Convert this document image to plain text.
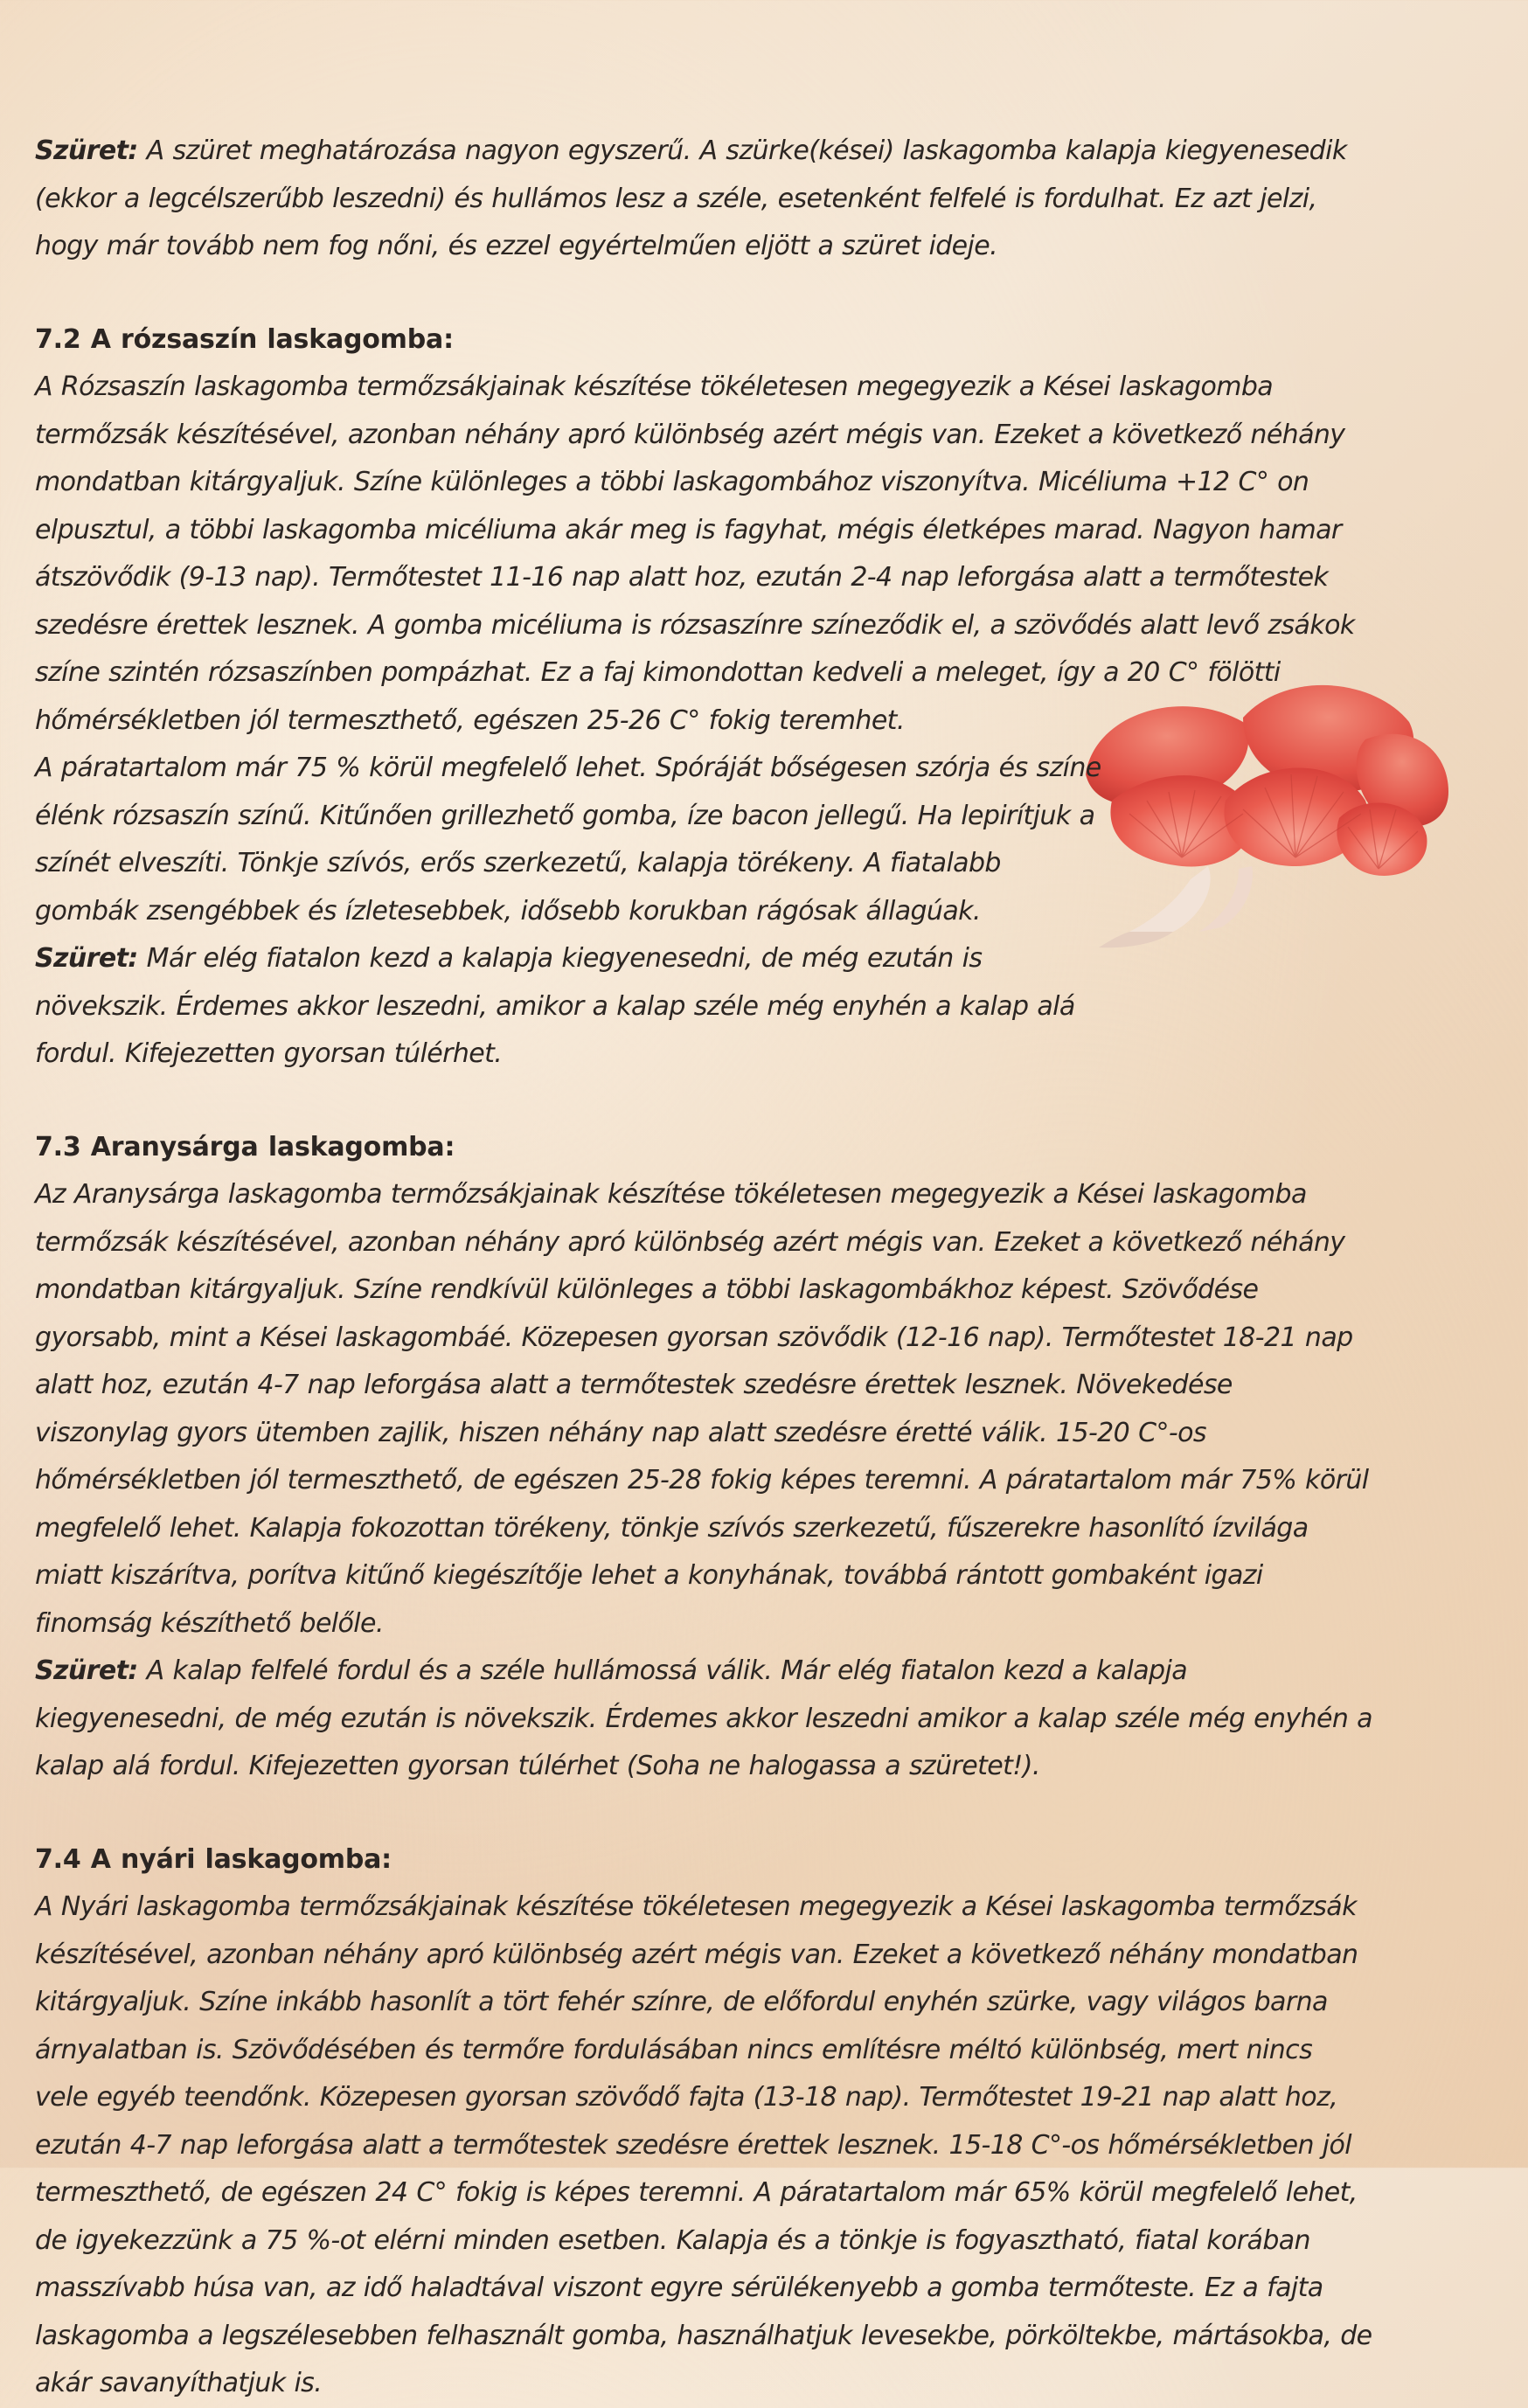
Szüret: A szüret meghatározása nagyon egyszerű. A szürke(kései) laskagomba kalapja kiegyenesedik (ekkor a legcélszerűbb leszedni) és hullámos lesz a széle, esetenként felfelé is fordulhat. Ez azt jelzi, hogy már tovább nem fog nőni, és ezzel egyértelműen eljött a szüret ideje.

7.2 A rózsaszín laskagomba:

A Rózsaszín laskagomba termőzsákjainak készítése tökéletesen megegyezik a Kései laskagomba termőzsák készítésével, azonban néhány apró különbség azért mégis van. Ezeket a következő néhány mondatban kitárgyaljuk. Színe különleges a többi laskagombához viszonyítva. Micéliuma +12 C° on elpusztul, a többi laskagomba micéliuma akár meg is fagyhat, mégis életképes marad. Nagyon hamar átszövődik (9-13 nap). Termőtestet 11-16 nap alatt hoz, ezután 2-4 nap leforgása alatt a termőtestek szedésre érettek lesznek. A gomba micéliuma is rózsaszínre színeződik el, a szövődés alatt levő zsákok színe szintén rózsaszínben pompázhat. Ez a faj kimondottan kedveli a meleget, így a 20 C° fölötti hőmérsékletben jól termeszthető, egészen 25-26 C° fokig teremhet.

A páratartalom már 75 % körül megfelelő lehet. Spóráját bőségesen szórja és színe élénk rózsaszín színű. Kitűnően grillezhető gomba, íze bacon jellegű. Ha lepirítjuk a színét elveszíti. Tönkje szívós, erős szerkezetű, kalapja törékeny. A fiatalabb gombák zsengébbek és ízletesebbek, idősebb korukban rágósak állagúak.

Szüret: Már elég fiatalon kezd a kalapja kiegyenesedni, de még ezután is növekszik. Érdemes akkor leszedni, amikor a kalap széle még enyhén a kalap alá fordul. Kifejezetten gyorsan túlérhet.

7.3 Aranysárga laskagomba:

Az Aranysárga laskagomba termőzsákjainak készítése tökéletesen megegyezik a Kései laskagomba termőzsák készítésével, azonban néhány apró különbség azért mégis van. Ezeket a következő néhány mondatban kitárgyaljuk. Színe rendkívül különleges a többi laskagombákhoz képest. Szövődése gyorsabb, mint a Kései laskagombáé. Közepesen gyorsan szövődik (12-16 nap). Termőtestet 18-21 nap alatt hoz, ezután 4-7 nap leforgása alatt a termőtestek szedésre érettek lesznek. Növekedése viszonylag gyors ütemben zajlik, hiszen néhány nap alatt szedésre éretté válik. 15-20 C°-os hőmérsékletben jól termeszthető, de egészen 25-28 fokig képes teremni. A páratartalom már 75% körül megfelelő lehet. Kalapja fokozottan törékeny, tönkje szívós szerkezetű, fűszerekre hasonlító ízvilága miatt kiszárítva, porítva kitűnő kiegészítője lehet a konyhának, továbbá rántott gombaként igazi finomság készíthető belőle.

Szüret: A kalap felfelé fordul és a széle hullámossá válik. Már elég fiatalon kezd a kalapja kiegyenesedni, de még ezután is növekszik. Érdemes akkor leszedni amikor a kalap széle még enyhén a kalap alá fordul. Kifejezetten gyorsan túlérhet (Soha ne halogassa a szüretet!).

7.4 A nyári laskagomba:

A Nyári laskagomba termőzsákjainak készítése tökéletesen megegyezik a Kései laskagomba termőzsák készítésével, azonban néhány apró különbség azért mégis van. Ezeket a következő néhány mondatban kitárgyaljuk. Színe inkább hasonlít a tört fehér színre, de előfordul enyhén szürke, vagy világos barna árnyalatban is. Szövődésében és termőre fordulásában nincs említésre méltó különbség, mert nincs vele egyéb teendőnk. Közepesen gyorsan szövődő fajta (13-18 nap). Termőtestet 19-21 nap alatt hoz, ezután 4-7 nap leforgása alatt a termőtestek szedésre érettek lesznek. 15-18 C°-os hőmérsékletben jól termeszthető, de egészen 24 C° fokig is képes teremni. A páratartalom már 65% körül megfelelő lehet, de igyekezzünk a 75 %-ot elérni minden esetben. Kalapja és a tönkje is fogyasztható, fiatal korában masszívabb húsa van, az idő haladtával viszont egyre sérülékenyebb a gomba termőteste. Ez a fajta laskagomba a legszélesebben felhasznált gomba, használhatjuk levesekbe, pörköltekbe, mártásokba, de akár savanyíthatjuk is.
